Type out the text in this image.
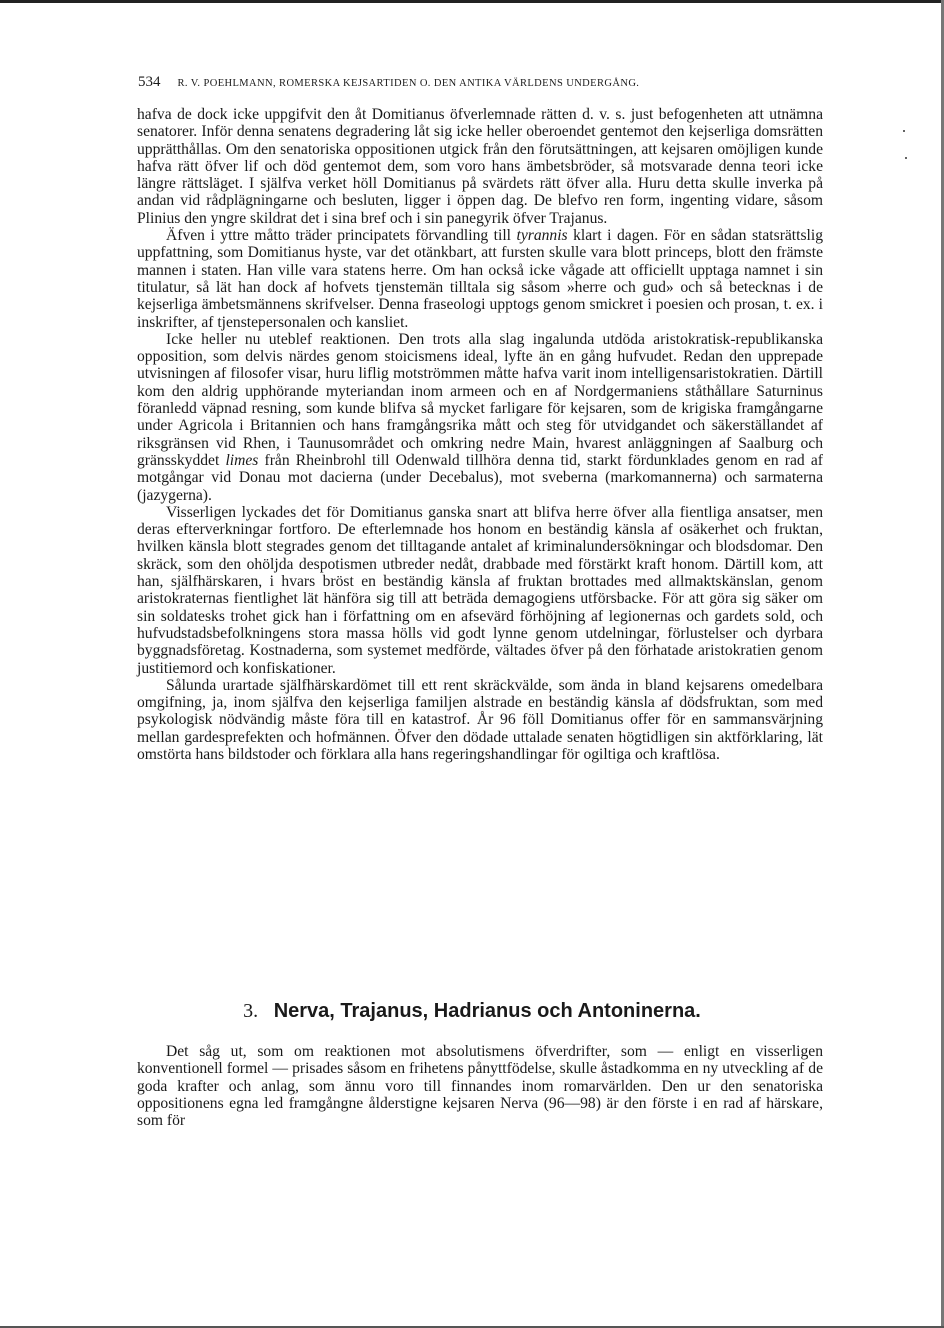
534 R. V. POEHLMANN, ROMERSKA KEJSARTIDEN O. DEN ANTIKA VÄRLDENS UNDERGÅNG.

hafva de dock icke uppgifvit den åt Domitianus öfverlemnade rätten d. v. s. just befogenheten att utnämna senatorer. Inför denna senatens degradering låt sig icke heller oberoendet gentemot den kejserliga domsrätten upprätthållas. Om den senatoriska oppositionen utgick från den förutsättningen, att kejsaren omöjligen kunde hafva rätt öfver lif och död gentemot dem, som voro hans ämbetsbröder, så motsvarade denna teori icke längre rättsläget. I själfva verket höll Domitianus på svärdets rätt öfver alla. Huru detta skulle inverka på andan vid rådplägningarne och besluten, ligger i öppen dag. De blefvo ren form, ingenting vidare, såsom Plinius den yngre skildrat det i sina bref och i sin panegyrik öfver Trajanus.

Äfven i yttre måtto träder principatets förvandling till tyrannis klart i dagen. För en sådan statsrättslig uppfattning, som Domitianus hyste, var det otänkbart, att fursten skulle vara blott princeps, blott den främste mannen i staten. Han ville vara statens herre. Om han också icke vågade att officiellt upptaga namnet i sin titulatur, så lät han dock af hofvets tjenstemän tilltala sig såsom »herre och gud» och så betecknas i de kejserliga ämbetsmännens skrifvelser. Denna fraseologi upptogs genom smickret i poesien och prosan, t. ex. i inskrifter, af tjenstepersonalen och kansliet.

Icke heller nu uteblef reaktionen. Den trots alla slag ingalunda utdöda aristokratisk-republikanska opposition, som delvis närdes genom stoicismens ideal, lyfte än en gång hufvudet. Redan den upprepade utvisningen af filosofer visar, huru liflig motströmmen måtte hafva varit inom intelligensaristokratien. Därtill kom den aldrig upphörande myteriandan inom armeen och en af Nordgermaniens ståthållare Saturninus föranledd väpnad resning, som kunde blifva så mycket farligare för kejsaren, som de krigiska framgångarne under Agricola i Britannien och hans framgångsrika mått och steg för utvidgandet och säkerställandet af riksgränsen vid Rhen, i Taunusområdet och omkring nedre Main, hvarest anläggningen af Saalburg och gränsskyddet limes från Rheinbrohl till Odenwald tillhöra denna tid, starkt fördunklades genom en rad af motgångar vid Donau mot dacierna (under Decebalus), mot sveberna (markomannerna) och sarmaterna (jazygerna).

Visserligen lyckades det för Domitianus ganska snart att blifva herre öfver alla fientliga ansatser, men deras efterverkningar fortforo. De efterlemnade hos honom en beständig känsla af osäkerhet och fruktan, hvilken känsla blott stegrades genom det tilltagande antalet af kriminalundersökningar och blodsdomar. Den skräck, som den ohöljda despotismen utbreder nedåt, drabbade med förstärkt kraft honom. Därtill kom, att han, själfhärskaren, i hvars bröst en beständig känsla af fruktan brottades med allmaktskänslan, genom aristokraternas fientlighet lät hänföra sig till att beträda demagogiens utförsbacke. För att göra sig säker om sin soldatesks trohet gick han i författning om en afsevärd förhöjning af legionernas och gardets sold, och hufvudstadsbefolkningens stora massa hölls vid godt lynne genom utdelningar, förlustelser och dyrbara byggnadsföretag. Kostnaderna, som systemet medförde, vältades öfver på den förhatade aristokratien genom justitiemord och konfiskationer.

Sålunda urartade själfhärskardömet till ett rent skräckvälde, som ända in bland kejsarens omedelbara omgifning, ja, inom själfva den kejserliga familjen alstrade en beständig känsla af dödsfruktan, som med psykologisk nödvändig måste föra till en katastrof. År 96 föll Domitianus offer för en sammansvärjning mellan gardesprefekten och hofmännen. Öfver den dödade uttalade senaten högtidligen sin aktförklaring, lät omstörta hans bildstoder och förklara alla hans regeringshandlingar för ogiltiga och kraftlösa.

3. Nerva, Trajanus, Hadrianus och Antoninerna.

Det såg ut, som om reaktionen mot absolutismens öfverdrifter, som — enligt en visserligen konventionell formel — prisades såsom en frihetens pånyttfödelse, skulle åstadkomma en ny utveckling af de goda krafter och anlag, som ännu voro till finnandes inom romarvärlden. Den ur den senatoriska oppositionens egna led framgångne ålderstigne kejsaren Nerva (96—98) är den förste i en rad af härskare, som för
